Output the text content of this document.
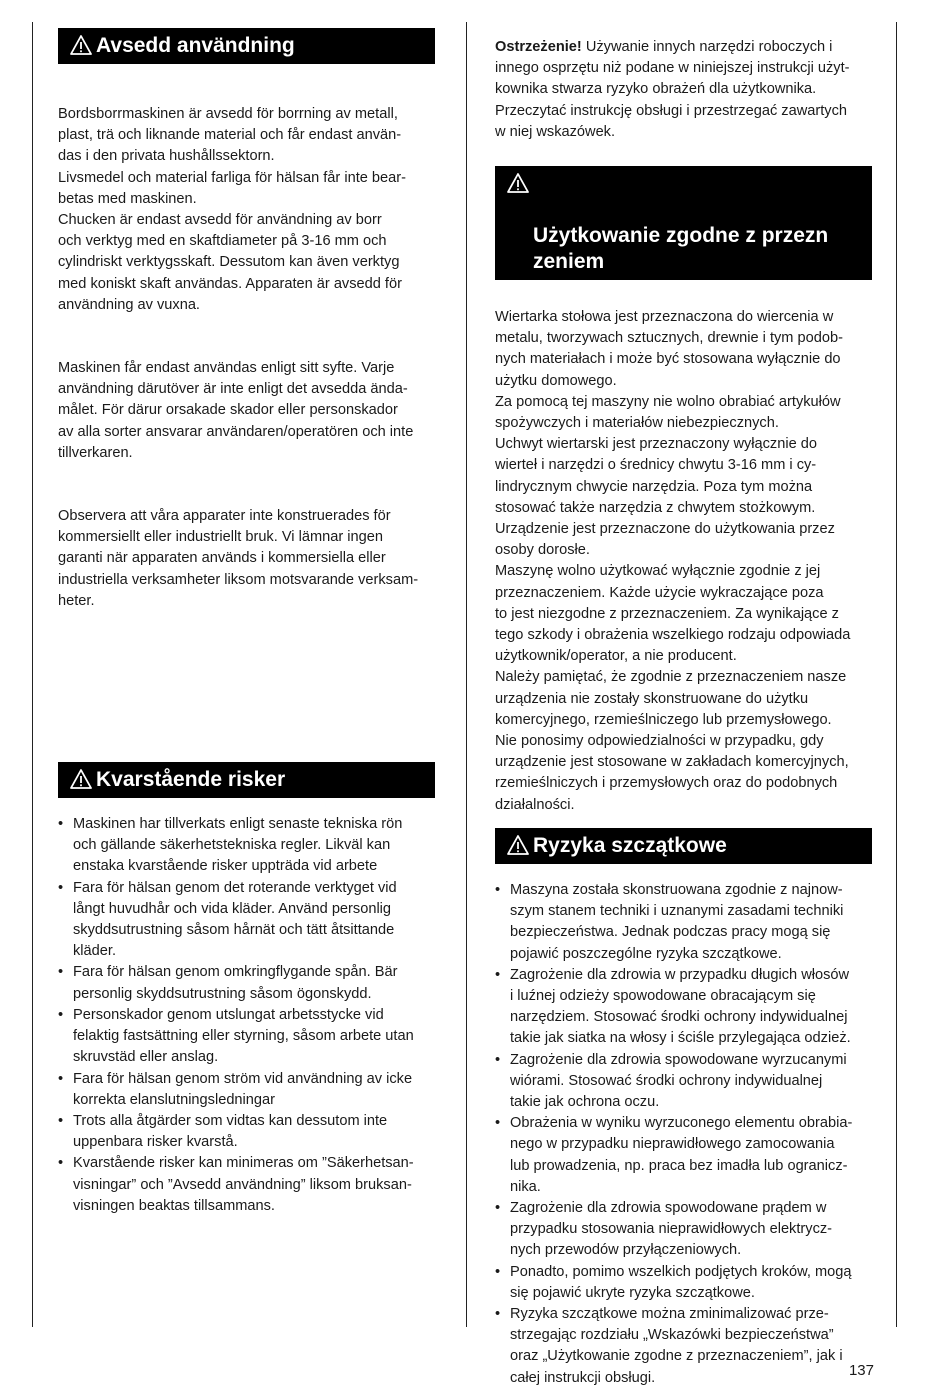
Avsedd användning

Bordsborrmaskinen är avsedd för borrning av metall,
plast, trä och liknande material och får endast använ-
das i den privata hushållssektorn.
Livsmedel och material farliga för hälsan får inte bear-
betas med maskinen.
Chucken är endast avsedd för användning av borr
och verktyg med en skaftdiameter på 3-16 mm och
cylindriskt verktygsskaft. Dessutom kan även verktyg
med koniskt skaft användas. Apparaten är avsedd för
användning av vuxna.

Maskinen får endast användas enligt sitt syfte. Varje
användning därutöver är inte enligt det avsedda ända-
målet. För därur orsakade skador eller personskador
av alla sorter ansvarar användaren/operatören och inte
tillverkaren.

Observera att våra apparater inte konstruerades för
kommersiellt eller industriellt bruk. Vi lämnar ingen
garanti när apparaten används i kommersiella eller
industriella verksamheter liksom motsvarande verksam-
heter.

Kvarstående risker
• Maskinen har tillverkats enligt senaste tekniska rön
och gällande säkerhetstekniska regler. Likväl kan
enstaka kvarstående risker uppträda vid arbete
• Fara för hälsan genom det roterande verktyget vid
långt huvudhår och vida kläder. Använd personlig
skyddsutrustning såsom hårnät och tätt åtsittande
kläder.
• Fara för hälsan genom omkringflygande spån. Bär
personlig skyddsutrustning såsom ögonskydd.
• Personskador genom utslungat arbetsstycke vid
felaktig fastsättning eller styrning, såsom arbete utan
skruvstäd eller anslag.
• Fara för hälsan genom ström vid användning av icke
korrekta elanslutningsledningar
• Trots alla åtgärder som vidtas kan dessutom inte
uppenbara risker kvarstå.
• Kvarstående risker kan minimeras om ”Säkerhetsan-
visningar” och ”Avsedd användning” liksom bruksan-
visningen beaktas tillsammans.

Ostrzeżenie! Używanie innych narzędzi roboczych i
innego osprzętu niż podane w niniejszej instrukcji użyt-
kownika stwarza ryzyko obrażeń dla użytkownika.
Przeczytać instrukcję obsługi i przestrzegać zawartych
w niej wskazówek.

Użytkowanie zgodne z przezn
zeniem

Wiertarka stołowa jest przeznaczona do wiercenia w
metalu, tworzywach sztucznych, drewnie i tym podob-
nych materiałach i może być stosowana wyłącznie do
użytku domowego.
Za pomocą tej maszyny nie wolno obrabiać artykułów
spożywczych i materiałów niebezpiecznych.
Uchwyt wiertarski jest przeznaczony wyłącznie do
wierteł i narzędzi o średnicy chwytu 3-16 mm i cy-
lindrycznym chwycie narzędzia. Poza tym można
stosować także narzędzia z chwytem stożkowym.
Urządzenie jest przeznaczone do użytkowania przez
osoby dorosłe.
Maszynę wolno użytkować wyłącznie zgodnie z jej
przeznaczeniem. Każde użycie wykraczające poza
to jest niezgodne z przeznaczeniem. Za wynikające z
tego szkody i obrażenia wszelkiego rodzaju odpowiada
użytkownik/operator, a nie producent.
Należy pamiętać, że zgodnie z przeznaczeniem nasze
urządzenia nie zostały skonstruowane do użytku
komercyjnego, rzemieślniczego lub przemysłowego.
Nie ponosimy odpowiedzialności w przypadku, gdy
urządzenie jest stosowane w zakładach komercyjnych,
rzemieślniczych i przemysłowych oraz do podobnych
działalności.

Ryzyka szczątkowe
• Maszyna została skonstruowana zgodnie z najnow-
szym stanem techniki i uznanymi zasadami techniki
bezpieczeństwa. Jednak podczas pracy mogą się
pojawić poszczególne ryzyka szczątkowe.
• Zagrożenie dla zdrowia w przypadku długich włosów
i luźnej odzieży spowodowane obracającym się
narzędziem. Stosować środki ochrony indywidualnej
takie jak siatka na włosy i ściśle przylegająca odzież.
• Zagrożenie dla zdrowia spowodowane wyrzucanymi
wiórami. Stosować środki ochrony indywidualnej
takie jak ochrona oczu.
• Obrażenia w wyniku wyrzuconego elementu obrabia-
nego w przypadku nieprawidłowego zamocowania
lub prowadzenia, np. praca bez imadła lub ogranicz-
nika.
• Zagrożenie dla zdrowia spowodowane prądem w
przypadku stosowania nieprawidłowych elektrycz-
nych przewodów przyłączeniowych.
• Ponadto, pomimo wszelkich podjętych kroków, mogą
się pojawić ukryte ryzyka szczątkowe.
• Ryzyka szczątkowe można zminimalizować prze-
strzegając rozdziału „Wskazówki bezpieczeństwa”
oraz „Użytkowanie zgodne z przeznaczeniem”, jak i
całej instrukcji obsługi.	137
